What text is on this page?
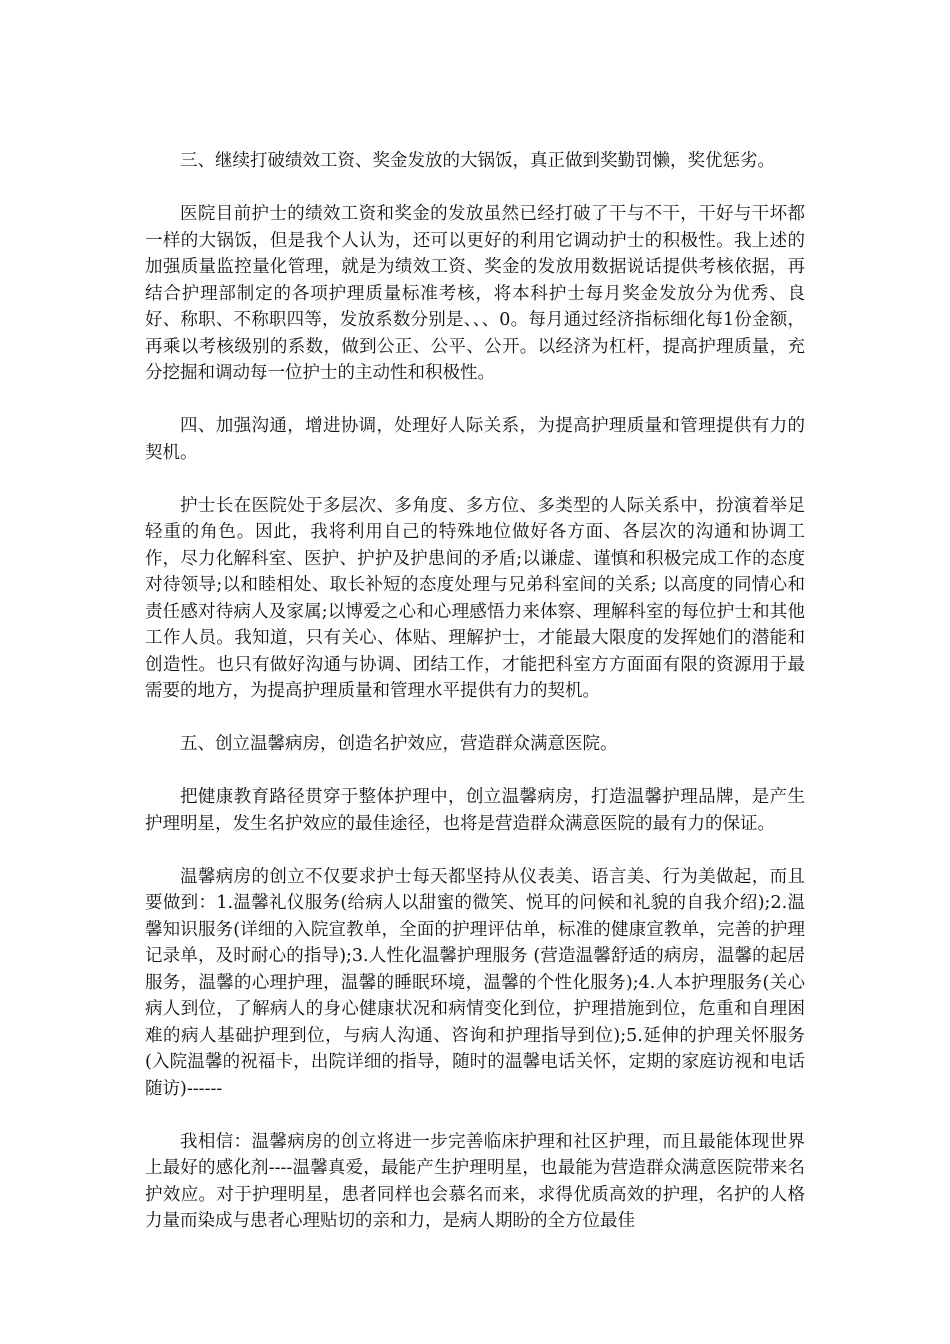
三、继续打破绩效工资、奖金发放的大锅饭，真正做到奖勤罚懒，奖优惩劣。

医院目前护士的绩效工资和奖金的发放虽然已经打破了干与不干，干好与干坏都一样的大锅饭，但是我个人认为，还可以更好的利用它调动护士的积极性。我上述的加强质量监控量化管理，就是为绩效工资、奖金的发放用数据说话提供考核依据，再结合护理部制定的各项护理质量标准考核，将本科护士每月奖金发放分为优秀、良好、称职、不称职四等，发放系数分别是、、、0。每月通过经济指标细化每1份金额，再乘以考核级别的系数，做到公正、公平、公开。以经济为杠杆，提高护理质量，充分挖掘和调动每一位护士的主动性和积极性。

四、加强沟通，增进协调，处理好人际关系，为提高护理质量和管理提供有力的契机。

护士长在医院处于多层次、多角度、多方位、多类型的人际关系中，扮演着举足轻重的角色。因此，我将利用自己的特殊地位做好各方面、各层次的沟通和协调工作，尽力化解科室、医护、护护及护患间的矛盾;以谦虚、谨慎和积极完成工作的态度对待领导;以和睦相处、取长补短的态度处理与兄弟科室间的关系; 以高度的同情心和责任感对待病人及家属;以博爱之心和心理感悟力来体察、理解科室的每位护士和其他工作人员。我知道，只有关心、体贴、理解护士，才能最大限度的发挥她们的潜能和创造性。也只有做好沟通与协调、团结工作，才能把科室方方面面有限的资源用于最需要的地方，为提高护理质量和管理水平提供有力的契机。

五、创立温馨病房，创造名护效应，营造群众满意医院。

把健康教育路径贯穿于整体护理中，创立温馨病房，打造温馨护理品牌，是产生护理明星，发生名护效应的最佳途径，也将是营造群众满意医院的最有力的保证。

温馨病房的创立不仅要求护士每天都坚持从仪表美、语言美、行为美做起，而且要做到：1.温馨礼仪服务(给病人以甜蜜的微笑、悦耳的问候和礼貌的自我介绍);2.温馨知识服务(详细的入院宣教单，全面的护理评估单，标准的健康宣教单，完善的护理记录单，及时耐心的指导);3.人性化温馨护理服务 (营造温馨舒适的病房，温馨的起居服务，温馨的心理护理，温馨的睡眠环境，温馨的个性化服务);4.人本护理服务(关心病人到位，了解病人的身心健康状况和病情变化到位，护理措施到位，危重和自理困难的病人基础护理到位，与病人沟通、咨询和护理指导到位);5.延伸的护理关怀服务(入院温馨的祝福卡，出院详细的指导，随时的温馨电话关怀，定期的家庭访视和电话随访)------

我相信：温馨病房的创立将进一步完善临床护理和社区护理，而且最能体现世界上最好的感化剂----温馨真爱，最能产生护理明星，也最能为营造群众满意医院带来名护效应。对于护理明星，患者同样也会慕名而来，求得优质高效的护理，名护的人格力量而染成与患者心理贴切的亲和力，是病人期盼的全方位最佳
